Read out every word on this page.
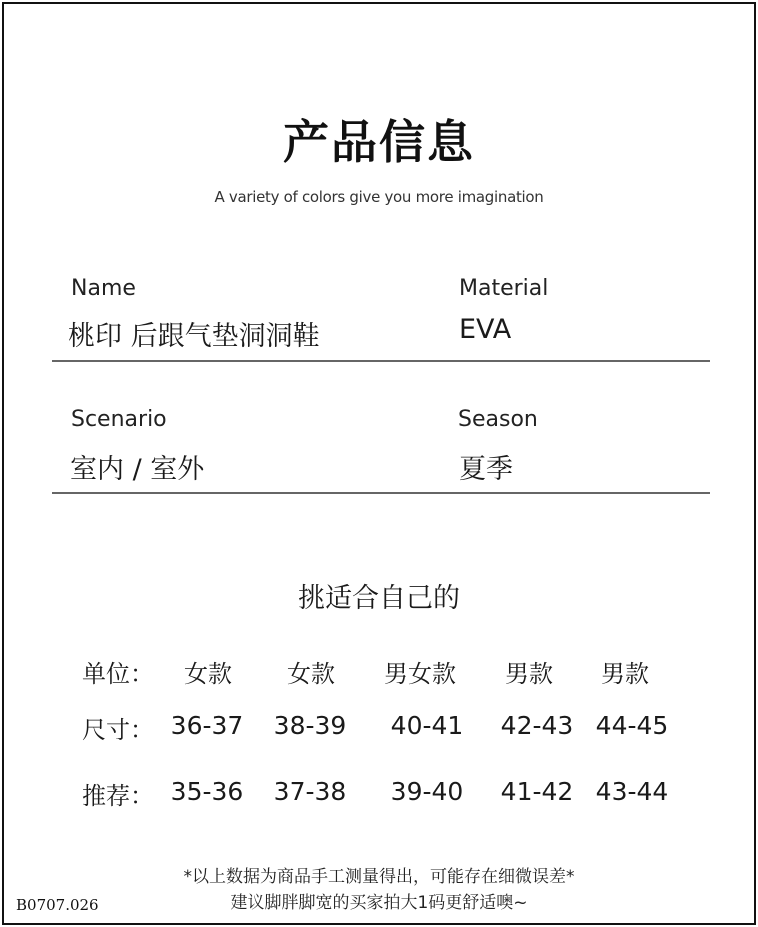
产品信息
A variety of colors give you more imagination
Name
桃印 后跟气垫洞洞鞋
Material
EVA
Scenario
室内 / 室外
Season
夏季
挑适合自己的
单位：	女款	女款	男女款	男款	男款
尺寸： 36-37	38-39	40-41	42-43 44-45
推荐： 35-36	37-38	39-40	41-42 43-44
*以上数据为商品手工测量得出，可能存在细微误差*
建议脚胖脚宽的买家拍大1码更舒适噢~
B0707.026
